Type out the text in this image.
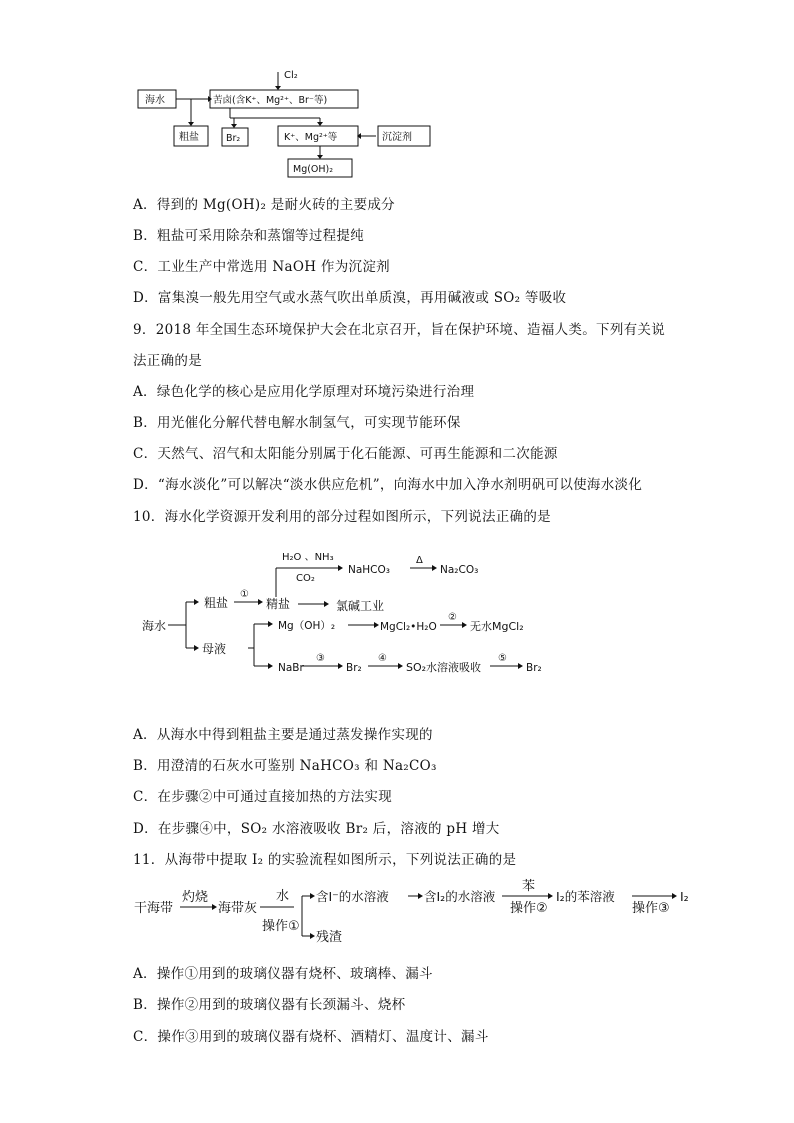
Cl₂
海水	苦卤(含K⁺、Mg²⁺、Br⁻等)
粗盐	Br₂	K⁺、Mg²⁺等	沉淀剂
Mg(OH)₂
A．得到的 Mg(OH)₂ 是耐火砖的主要成分
B．粗盐可采用除杂和蒸馏等过程提纯
C．工业生产中常选用 NaOH 作为沉淀剂
D．富集溴一般先用空气或水蒸气吹出单质溴，再用碱液或 SO₂ 等吸收
9．2018 年全国生态环境保护大会在北京召开，旨在保护环境、造福人类。下列有关说
法正确的是
A．绿色化学的核心是应用化学原理对环境污染进行治理
B．用光催化分解代替电解水制氢气，可实现节能环保
C．天然气、沼气和太阳能分别属于化石能源、可再生能源和二次能源
D．“海水淡化”可以解决“淡水供应危机”，向海水中加入净水剂明矾可以使海水淡化
10．海水化学资源开发利用的部分过程如图所示，下列说法正确的是
海水
粗盐
①
精盐	氯碱工业
H₂O 、NH₃
CO₂
NaHCO₃
Δ
Na₂CO₃
母液
Mg（OH）₂	MgCl₂•H₂O
②
无水MgCl₂
NaBr
③
Br₂
④
SO₂水溶液吸收
⑤
Br₂
A．从海水中得到粗盐主要是通过蒸发操作实现的
B．用澄清的石灰水可鉴别 NaHCO₃ 和 Na₂CO₃
C．在步骤②中可通过直接加热的方法实现
D．在步骤④中，SO₂ 水溶液吸收 Br₂ 后，溶液的 pH 增大
11．从海带中提取 I₂ 的实验流程如图所示，下列说法正确的是
干海带
灼烧
海带灰
水
操作①
含I⁻的水溶液	含I₂的水溶液
苯
操作②
I₂的苯溶液
操作③
I₂
残渣
A．操作①用到的玻璃仪器有烧杯、玻璃棒、漏斗
B．操作②用到的玻璃仪器有长颈漏斗、烧杯
C．操作③用到的玻璃仪器有烧杯、酒精灯、温度计、漏斗
